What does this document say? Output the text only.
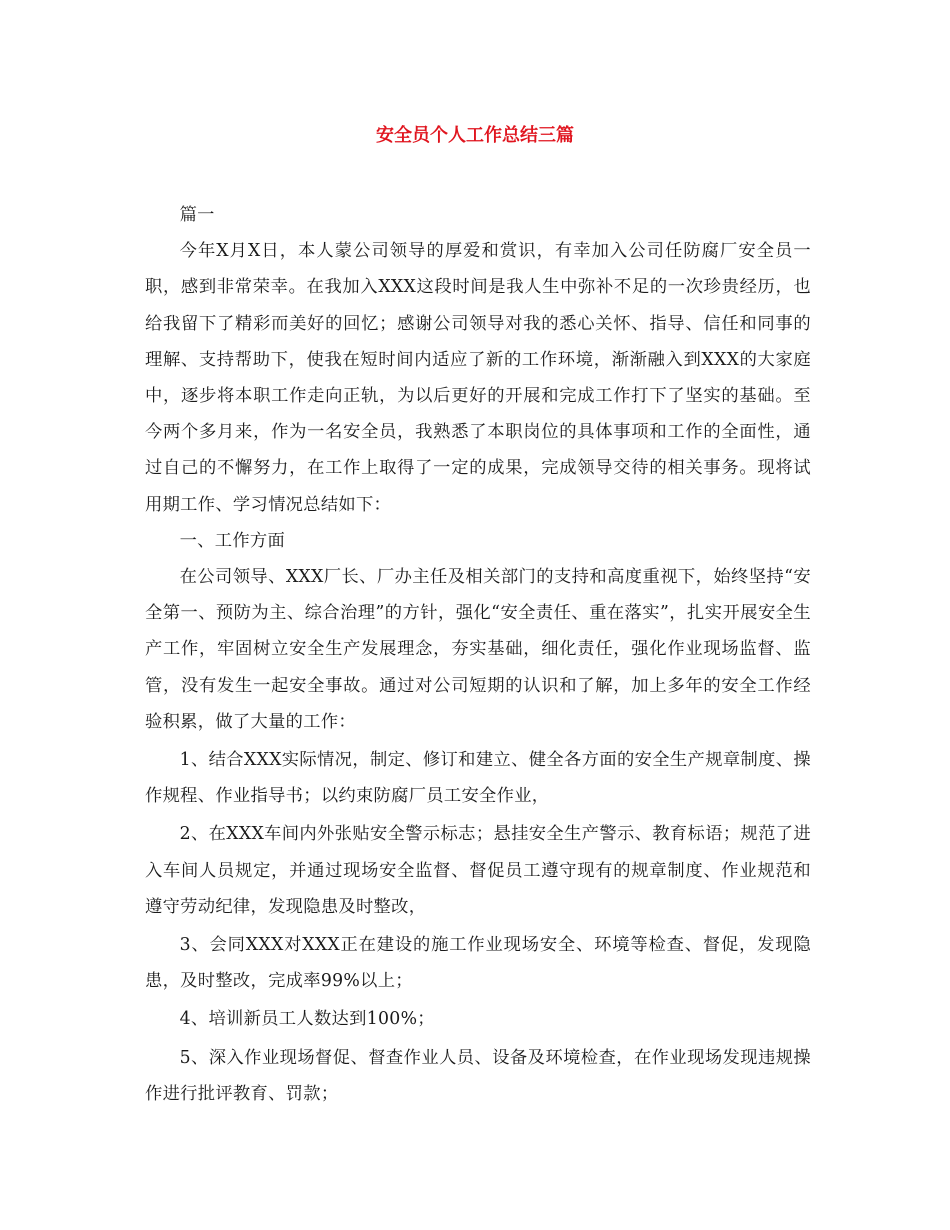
安全员个人工作总结三篇

篇一

今年X月X日，本人蒙公司领导的厚爱和赏识，有幸加入公司任防腐厂安全员一职，感到非常荣幸。在我加入XXX这段时间是我人生中弥补不足的一次珍贵经历，也给我留下了精彩而美好的回忆；感谢公司领导对我的悉心关怀、指导、信任和同事的理解、支持帮助下，使我在短时间内适应了新的工作环境，渐渐融入到XXX的大家庭中，逐步将本职工作走向正轨，为以后更好的开展和完成工作打下了坚实的基础。至今两个多月来，作为一名安全员，我熟悉了本职岗位的具体事项和工作的全面性，通过自己的不懈努力，在工作上取得了一定的成果，完成领导交待的相关事务。现将试用期工作、学习情况总结如下：

一、工作方面

在公司领导、XXX厂长、厂办主任及相关部门的支持和高度重视下，始终坚持“安全第一、预防为主、综合治理”的方针，强化“安全责任、重在落实”，扎实开展安全生产工作，牢固树立安全生产发展理念，夯实基础，细化责任，强化作业现场监督、监管，没有发生一起安全事故。通过对公司短期的认识和了解，加上多年的安全工作经验积累，做了大量的工作：

1、结合XXX实际情况，制定、修订和建立、健全各方面的安全生产规章制度、操作规程、作业指导书；以约束防腐厂员工安全作业，

2、在XXX车间内外张贴安全警示标志；悬挂安全生产警示、教育标语；规范了进入车间人员规定，并通过现场安全监督、督促员工遵守现有的规章制度、作业规范和遵守劳动纪律，发现隐患及时整改，

3、会同XXX对XXX正在建设的施工作业现场安全、环境等检查、督促，发现隐患，及时整改，完成率99%以上；

4、培训新员工人数达到100%；

5、深入作业现场督促、督查作业人员、设备及环境检查，在作业现场发现违规操作进行批评教育、罚款；
